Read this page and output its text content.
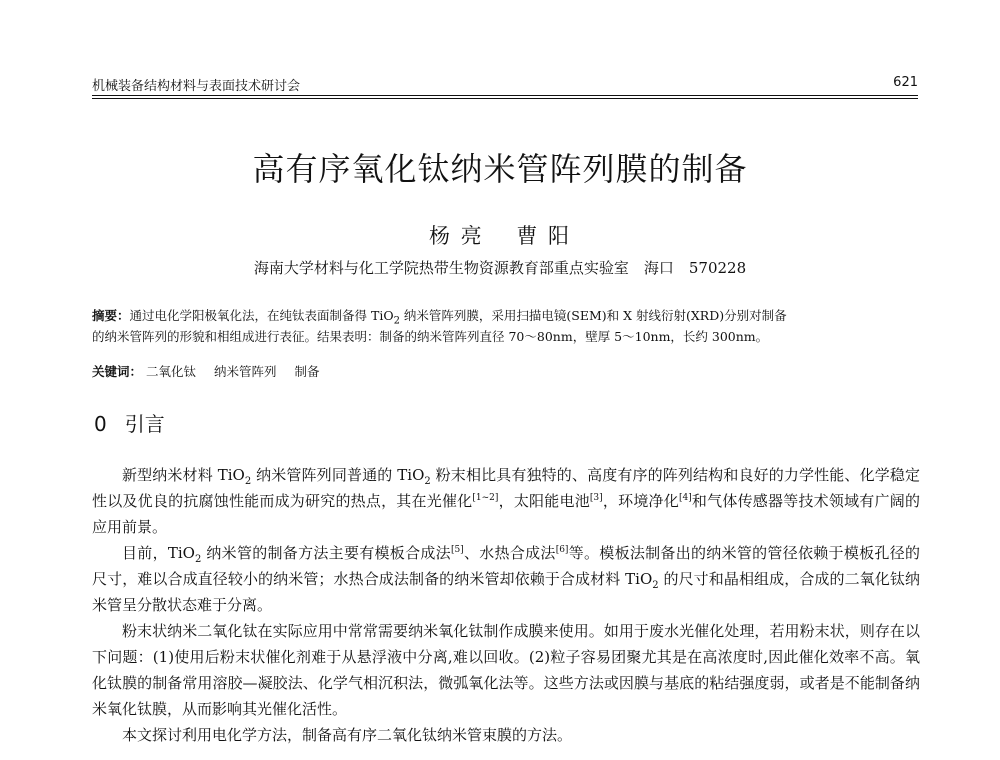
机械装备结构材料与表面技术研讨会	621
高有序氧化钛纳米管阵列膜的制备
杨 亮 曹 阳
海南大学材料与化工学院热带生物资源教育部重点实验室　海口　570228
摘要：通过电化学阳极氧化法，在纯钛表面制备得 TiO$_2$ 纳米管阵列膜，采用扫描电镜(SEM)和 X 射线衍射(XRD)分别对制备
的纳米管阵列的形貌和相组成进行表征。结果表明：制备的纳米管阵列直径 70～80nm，壁厚 5～10nm，长约 300nm。
关键词： 二氧化钛 纳米管阵列 制备
0 引言

新型纳米材料 TiO$_2$ 纳米管阵列同普通的 TiO$_2$ 粉末相比具有独特的、高度有序的阵列结构和良好的力学性能、化学稳定性以及优良的抗腐蚀性能而成为研究的热点，其在光催化[1~2]，太阳能电池[3]，环境净化[4]和气体传感器等技术领域有广阔的应用前景。

目前，TiO$_2$ 纳米管的制备方法主要有模板合成法[5]、水热合成法[6]等。模板法制备出的纳米管的管径依赖于模板孔径的尺寸，难以合成直径较小的纳米管；水热合成法制备的纳米管却依赖于合成材料 TiO$_2$ 的尺寸和晶相组成，合成的二氧化钛纳米管呈分散状态难于分离。

粉末状纳米二氧化钛在实际应用中常常需要纳米氧化钛制作成膜来使用。如用于废水光催化处理，若用粉末状，则存在以下问题：(1)使用后粉末状催化剂难于从悬浮液中分离,难以回收。(2)粒子容易团聚尤其是在高浓度时,因此催化效率不高。氧化钛膜的制备常用溶胶—凝胶法、化学气相沉积法，微弧氧化法等。这些方法或因膜与基底的粘结强度弱，或者是不能制备纳米氧化钛膜，从而影响其光催化活性。

本文探讨利用电化学方法，制备高有序二氧化钛纳米管束膜的方法。
